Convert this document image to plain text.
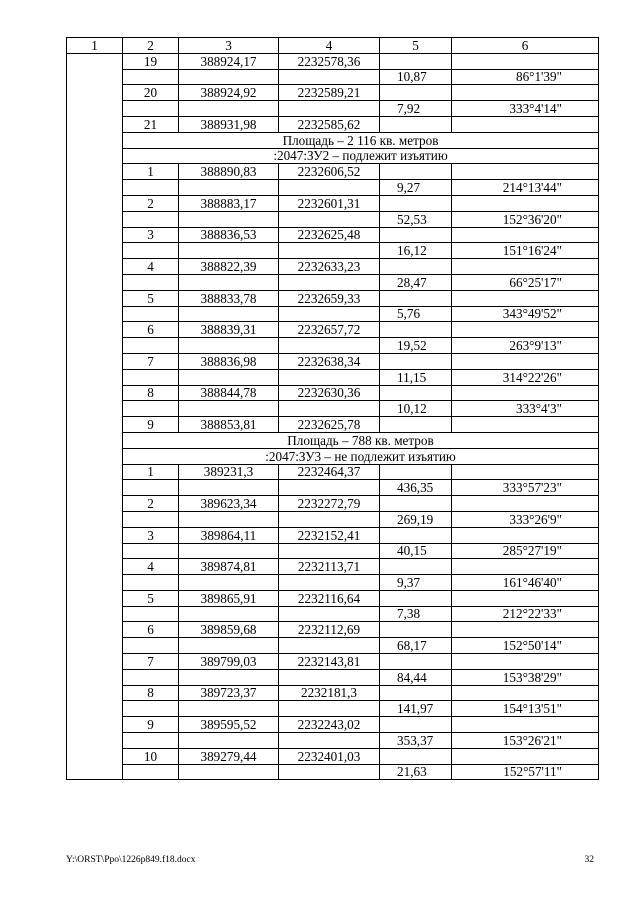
1	2	3	4	5	6
	19	388924,17	2232578,36		
				10,87	86°1'39"
	20	388924,92	2232589,21		
				7,92	333°4'14"
	21	388931,98	2232585,62		
	Площадь – 2 116 кв. метров				
	:2047:ЗУ2 – подлежит изъятию				
	1	388890,83	2232606,52		
				9,27	214°13'44"
	2	388883,17	2232601,31		
				52,53	152°36'20"
	3	388836,53	2232625,48		
				16,12	151°16'24"
	4	388822,39	2232633,23		
				28,47	66°25'17"
	5	388833,78	2232659,33		
				5,76	343°49'52"
	6	388839,31	2232657,72		
				19,52	263°9'13"
	7	388836,98	2232638,34		
				11,15	314°22'26"
	8	388844,78	2232630,36		
				10,12	333°4'3"
	9	388853,81	2232625,78		
	Площадь – 788 кв. метров				
	:2047:ЗУ3 – не подлежит изъятию				
	1	389231,3	2232464,37		
				436,35	333°57'23"
	2	389623,34	2232272,79		
				269,19	333°26'9"
	3	389864,11	2232152,41		
				40,15	285°27'19"
	4	389874,81	2232113,71		
				9,37	161°46'40"
	5	389865,91	2232116,64		
				7,38	212°22'33"
	6	389859,68	2232112,69		
				68,17	152°50'14"
	7	389799,03	2232143,81		
				84,44	153°38'29"
	8	389723,37	2232181,3		
				141,97	154°13'51"
	9	389595,52	2232243,02		
				353,37	153°26'21"
	10	389279,44	2232401,03		
				21,63	152°57'11"
Y:\ORST\Ppo\1226p849.f18.docx	32
